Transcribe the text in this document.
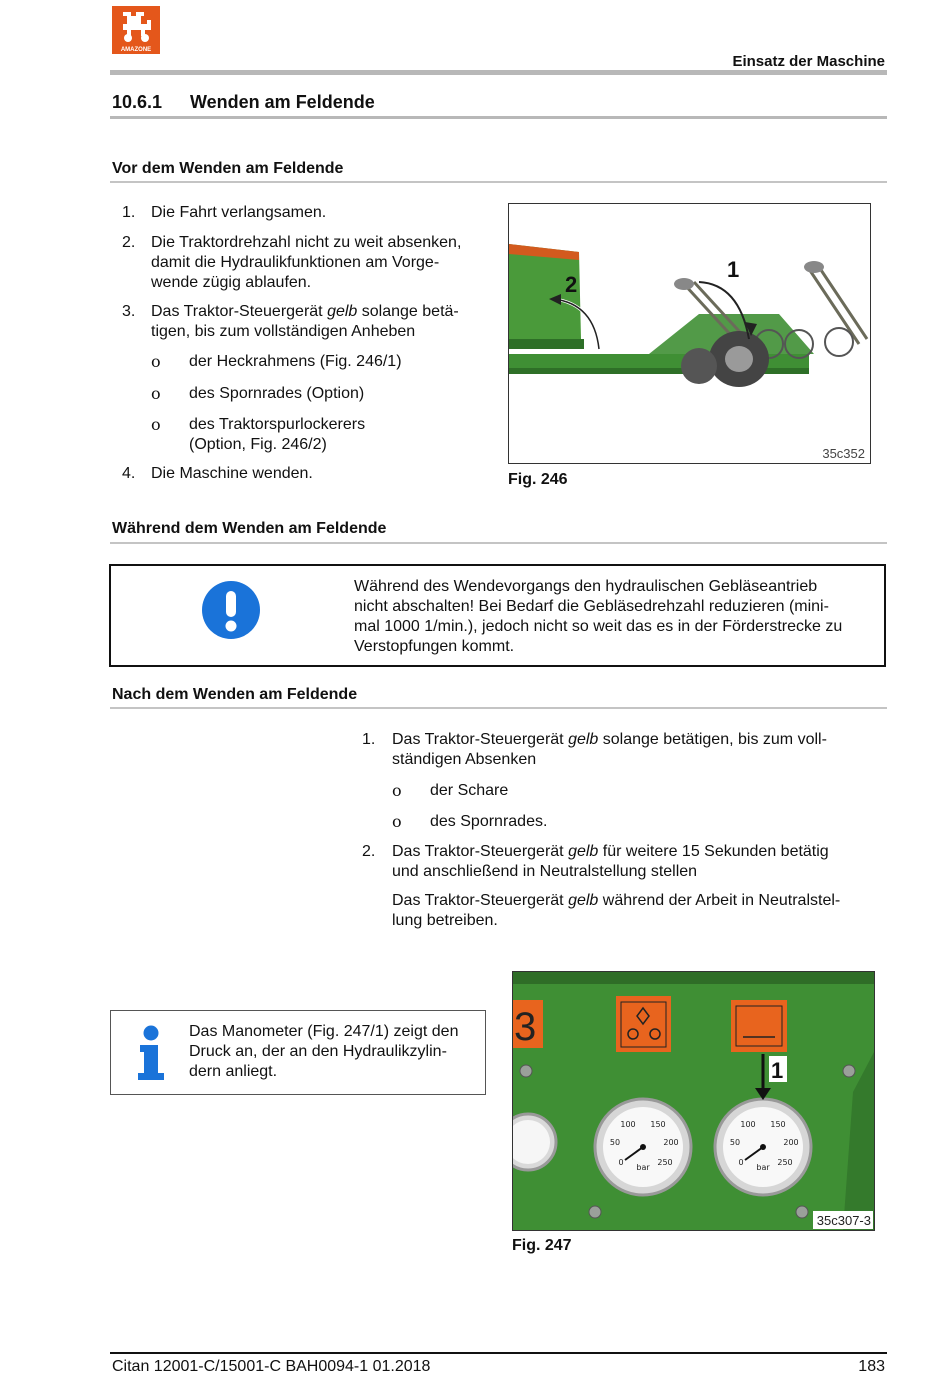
AMAZONE
Einsatz der Maschine
10.6.1 Wenden am Feldende
Vor dem Wenden am Feldende
1. Die Fahrt verlangsamen.
2. Die Traktordrehzahl nicht zu weit absenken,
damit die Hydraulikfunktionen am Vorge-
wende zügig ablaufen.
3. Das Traktor-Steuergerät gelb solange betä-
tigen, bis zum vollständigen Anheben
o der Heckrahmens (Fig. 246/1)
o des Spornrades (Option)
o des Traktorspurlockerers
(Option, Fig. 246/2)
4. Die Maschine wenden.
1
2
35c352
Fig. 246
Während dem Wenden am Feldende
Während des Wendevorgangs den hydraulischen Gebläseantrieb
nicht abschalten! Bei Bedarf die Gebläsedrehzahl reduzieren (mini-
mal 1000 1/min.), jedoch nicht so weit das es in der Förderstrecke zu
Verstopfungen kommt.
Nach dem Wenden am Feldende
1. Das Traktor-Steuergerät gelb solange betätigen, bis zum voll-
ständigen Absenken
o der Schare
o des Spornrades.
2. Das Traktor-Steuergerät gelb für weitere 15 Sekunden betätig
und anschließend in Neutralstellung stellen
Das Traktor-Steuergerät gelb während der Arbeit in Neutralstel-
lung betreiben.
Das Manometer (Fig. 247/1) zeigt den
Druck an, der an den Hydraulikzylin-
dern anliegt.
3
100 150
50	200
0	250
bar
100 150
50	200
0	250
bar
1
35c307-3
Fig. 247
Citan 12001-C/15001-C BAH0094-1 01.2018	183
